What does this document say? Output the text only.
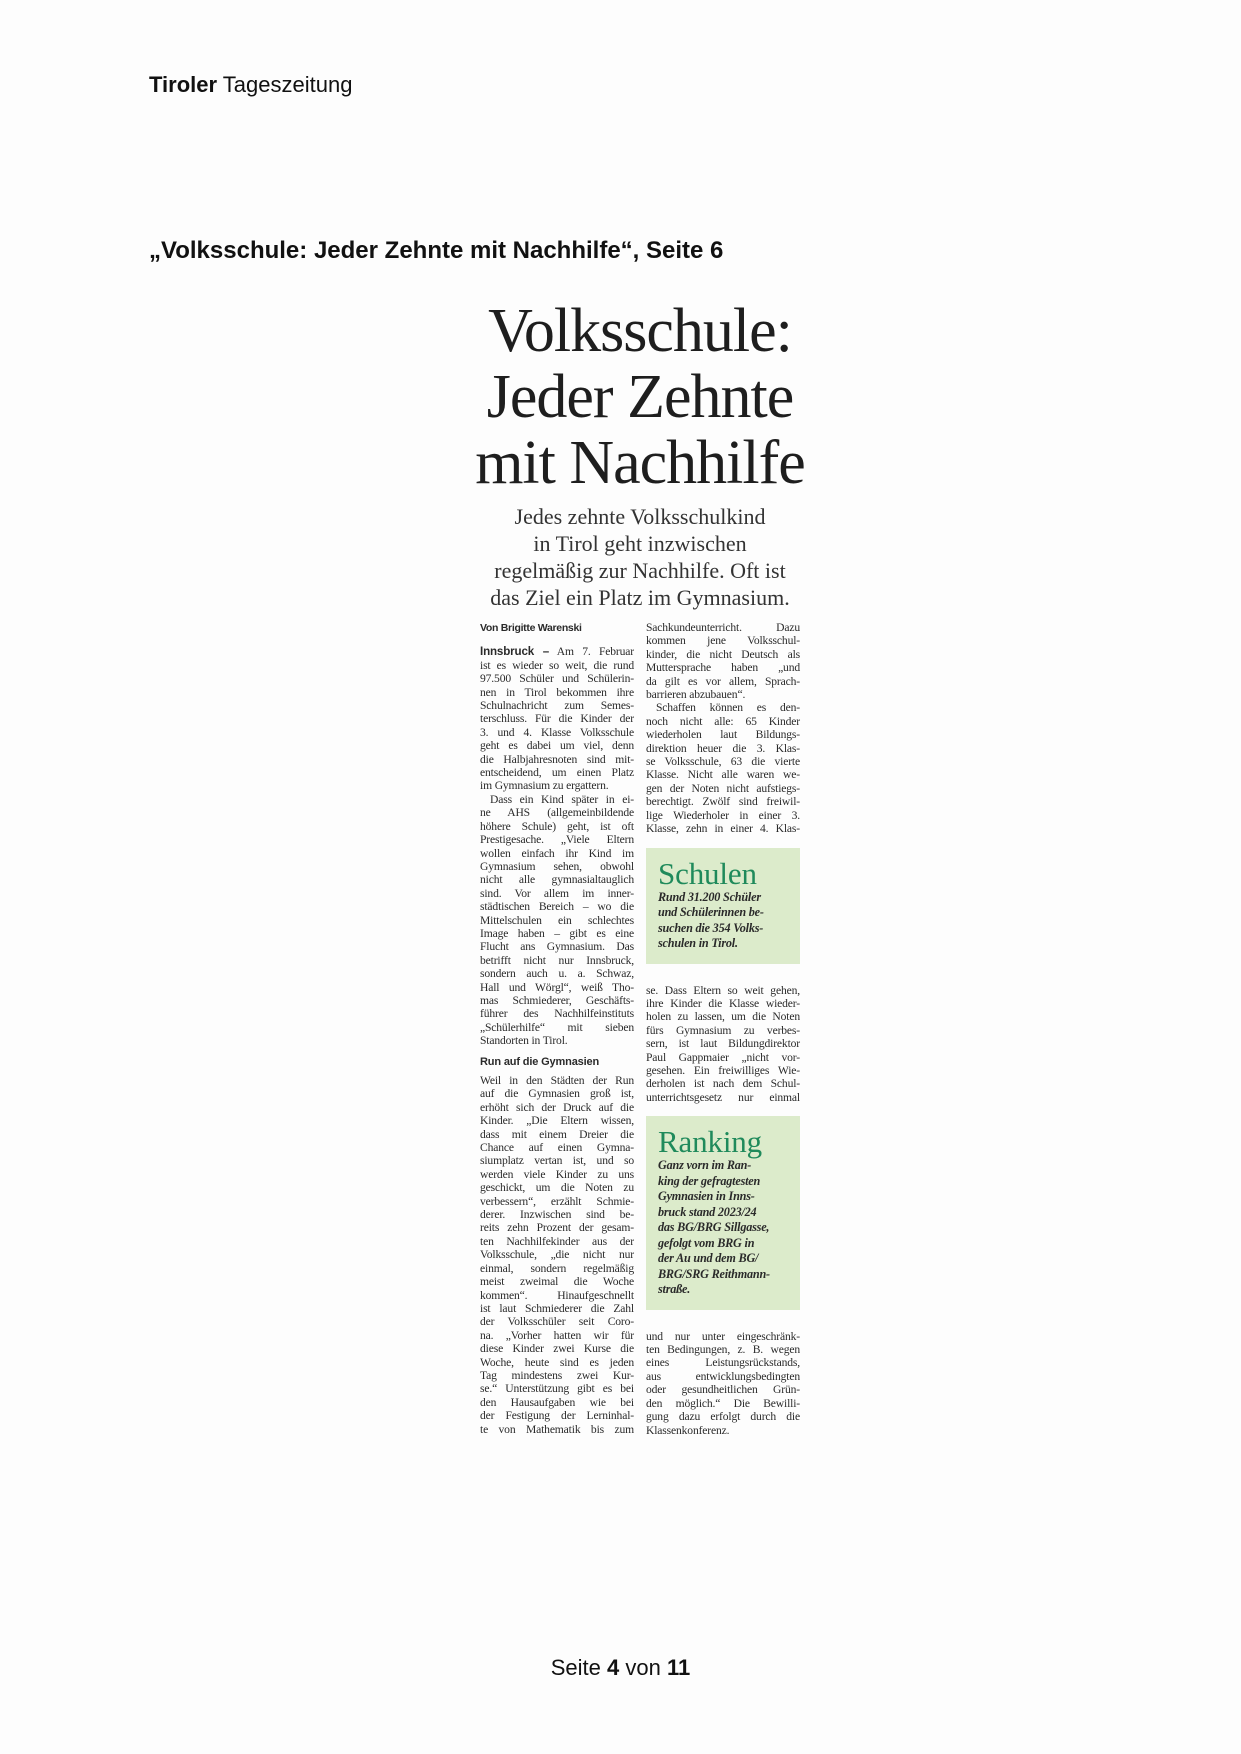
Tiroler Tageszeitung
„Volksschule: Jeder Zehnte mit Nachhilfe“, Seite 6
Volksschule:
Jeder Zehnte
mit Nachhilfe
Jedes zehnte Volksschulkind
in Tirol geht inzwischen
regelmäßig zur Nachhilfe. Oft ist
das Ziel ein Platz im Gymnasium.
Von Brigitte Warenski
Innsbruck – Am 7. Februar
ist es wieder so weit, die rund
97.500 Schüler und Schülerin-
nen in Tirol bekommen ihre
Schulnachricht zum Semes-
terschluss. Für die Kinder der
3. und 4. Klasse Volksschule
geht es dabei um viel, denn
die Halbjahresnoten sind mit-
entscheidend, um einen Platz
im Gymnasium zu ergattern.
Dass ein Kind später in ei-
ne AHS (allgemeinbildende
höhere Schule) geht, ist oft
Prestigesache. „Viele Eltern
wollen einfach ihr Kind im
Gymnasium sehen, obwohl
nicht alle gymnasialtauglich
sind. Vor allem im inner-
städtischen Bereich – wo die
Mittelschulen ein schlechtes
Image haben – gibt es eine
Flucht ans Gymnasium. Das
betrifft nicht nur Innsbruck,
sondern auch u. a. Schwaz,
Hall und Wörgl“, weiß Tho-
mas Schmiederer, Geschäfts-
führer des Nachhilfeinstituts
„Schülerhilfe“ mit sieben
Standorten in Tirol.
Run auf die Gymnasien
Weil in den Städten der Run
auf die Gymnasien groß ist,
erhöht sich der Druck auf die
Kinder. „Die Eltern wissen,
dass mit einem Dreier die
Chance auf einen Gymna-
siumplatz vertan ist, und so
werden viele Kinder zu uns
geschickt, um die Noten zu
verbessern“, erzählt Schmie-
derer. Inzwischen sind be-
reits zehn Prozent der gesam-
ten Nachhilfekinder aus der
Volksschule, „die nicht nur
einmal, sondern regelmäßig
meist zweimal die Woche
kommen“. Hinaufgeschnellt
ist laut Schmiederer die Zahl
der Volksschüler seit Coro-
na. „Vorher hatten wir für
diese Kinder zwei Kurse die
Woche, heute sind es jeden
Tag mindestens zwei Kur-
se.“ Unterstützung gibt es bei
den Hausaufgaben wie bei
der Festigung der Lerninhal-
te von Mathematik bis zum
Sachkundeunterricht. Dazu
kommen jene Volksschul-
kinder, die nicht Deutsch als
Muttersprache haben „und
da gilt es vor allem, Sprach-
barrieren abzubauen“.
Schaffen können es den-
noch nicht alle: 65 Kinder
wiederholen laut Bildungs-
direktion heuer die 3. Klas-
se Volksschule, 63 die vierte
Klasse. Nicht alle waren we-
gen der Noten nicht aufstiegs-
berechtigt. Zwölf sind freiwil-
lige Wiederholer in einer 3.
Klasse, zehn in einer 4. Klas-
Schulen
Rund 31.200 Schüler
und Schülerinnen be-
suchen die 354 Volks-
schulen in Tirol.
se. Dass Eltern so weit gehen,
ihre Kinder die Klasse wieder-
holen zu lassen, um die Noten
fürs Gymnasium zu verbes-
sern, ist laut Bildungdirektor
Paul Gappmaier „nicht vor-
gesehen. Ein freiwilliges Wie-
derholen ist nach dem Schul-
unterrichtsgesetz nur einmal
Ranking
Ganz vorn im Ran-
king der gefragtesten
Gymnasien in Inns-
bruck stand 2023/24
das BG/BRG Sillgasse,
gefolgt vom BRG in
der Au und dem BG/
BRG/SRG Reithmann-
straße.
und nur unter eingeschränk-
ten Bedingungen, z. B. wegen
eines Leistungsrückstands,
aus entwicklungsbedingten
oder gesundheitlichen Grün-
den möglich.“ Die Bewilli-
gung dazu erfolgt durch die
Klassenkonferenz.
Seite 4 von 11
